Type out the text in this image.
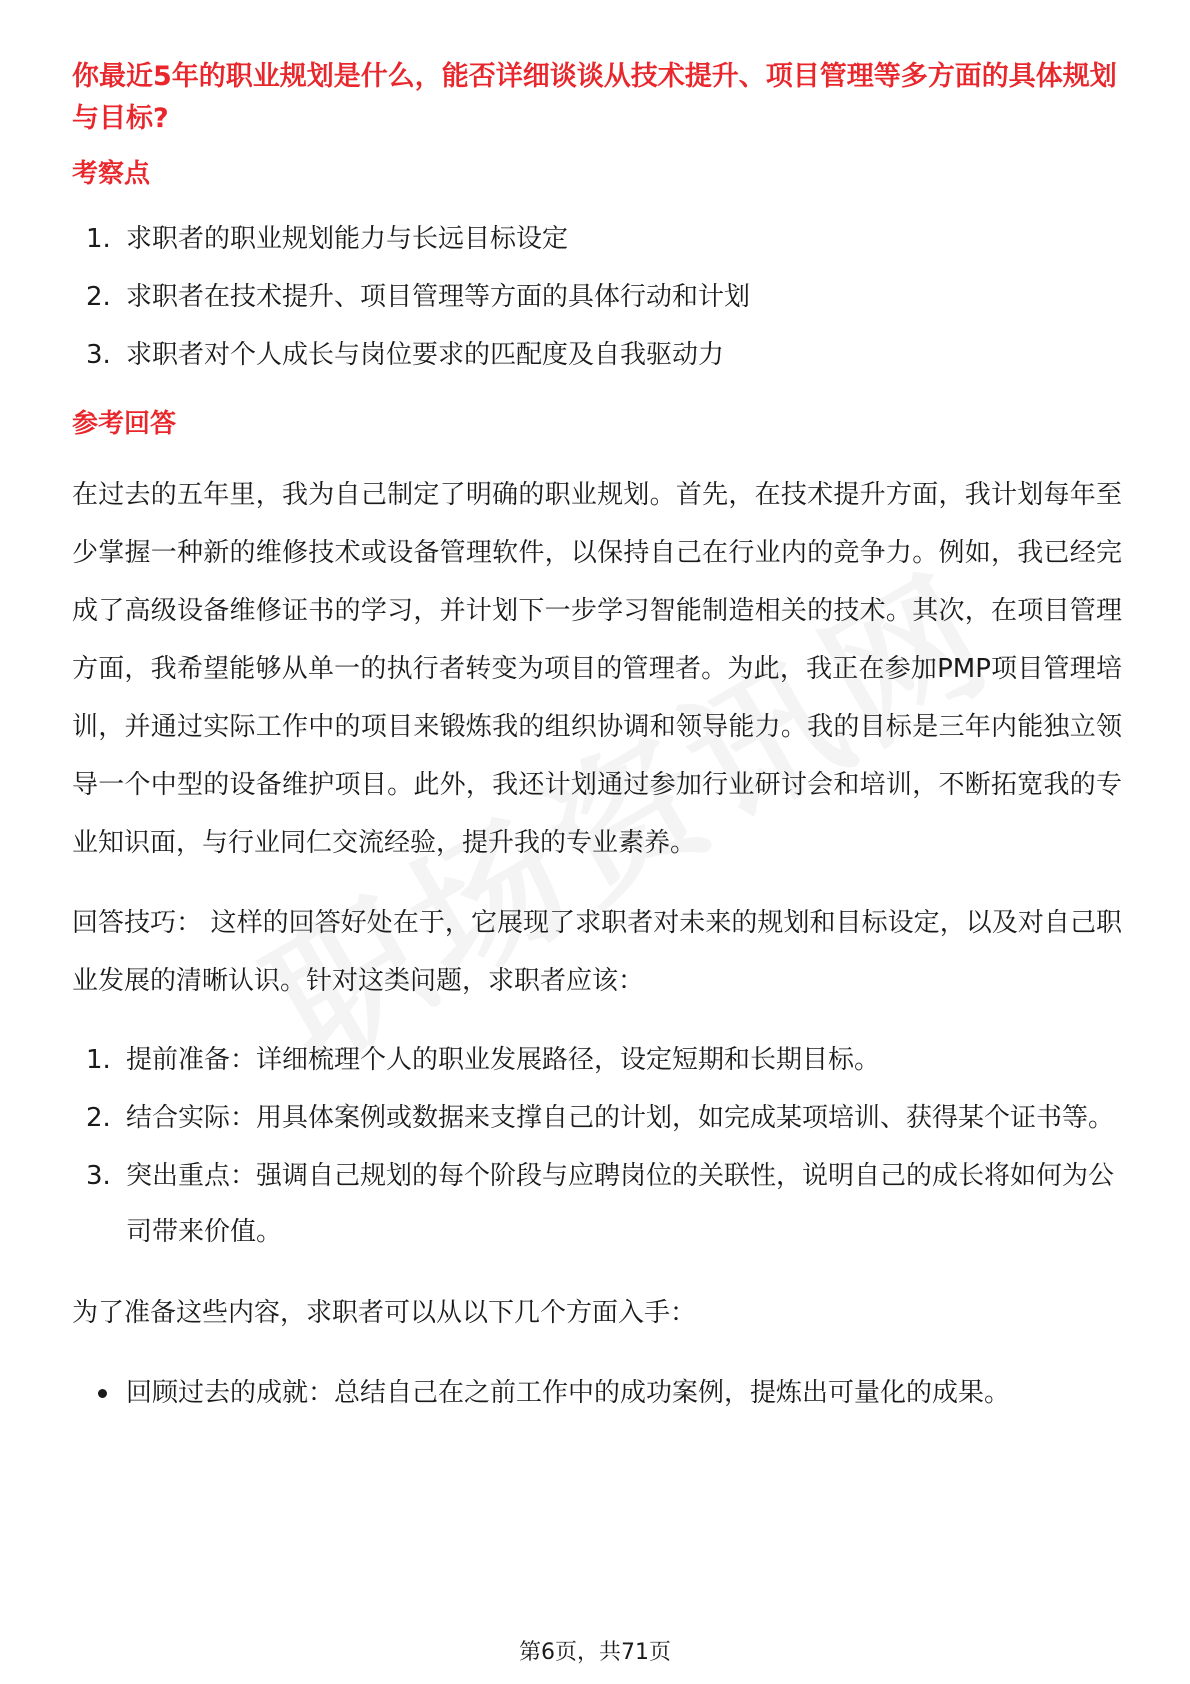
你最近5年的职业规划是什么，能否详细谈谈从技术提升、项目管理等多方面的具体规划与目标?
考察点
1. 求职者的职业规划能力与长远目标设定
2. 求职者在技术提升、项目管理等方面的具体行动和计划
3. 求职者对个人成长与岗位要求的匹配度及自我驱动力
参考回答

在过去的五年里，我为自己制定了明确的职业规划。首先，在技术提升方面，我计划每年至少掌握一种新的维修技术或设备管理软件，以保持自己在行业内的竞争力。例如，我已经完成了高级设备维修证书的学习，并计划下一步学习智能制造相关的技术。其次，在项目管理方面，我希望能够从单一的执行者转变为项目的管理者。为此，我正在参加PMP项目管理培训，并通过实际工作中的项目来锻炼我的组织协调和领导能力。我的目标是三年内能独立领导一个中型的设备维护项目。此外，我还计划通过参加行业研讨会和培训，不断拓宽我的专业知识面，与行业同仁交流经验，提升我的专业素养。

回答技巧： 这样的回答好处在于，它展现了求职者对未来的规划和目标设定，以及对自己职业发展的清晰认识。针对这类问题，求职者应该：

1. 提前准备：详细梳理个人的职业发展路径，设定短期和长期目标。
2. 结合实际：用具体案例或数据来支撑自己的计划，如完成某项培训、获得某个证书等。
3. 突出重点：强调自己规划的每个阶段与应聘岗位的关联性，说明自己的成长将如何为公司带来价值。

为了准备这些内容，求职者可以从以下几个方面入手：

回顾过去的成就：总结自己在之前工作中的成功案例，提炼出可量化的成果。
第6页，共71页
